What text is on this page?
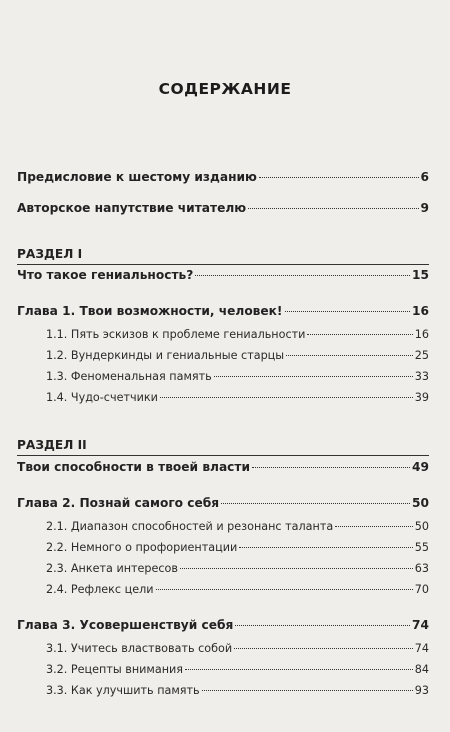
СОДЕРЖАНИЕ
Предисловие к шестому изданию	6
Авторское напутствие читателю	9
РАЗДЕЛ I
Что такое гениальность?	15
Глава 1. Твои возможности, человек!	16
1.1. Пять эскизов к проблеме гениальности	16
1.2. Вундеркинды и гениальные старцы	25
1.3. Феноменальная память	33
1.4. Чудо-счетчики	39
РАЗДЕЛ II
Твои способности в твоей власти	49
Глава 2. Познай самого себя	50
2.1. Диапазон способностей и резонанс таланта	50
2.2. Немного о профориентации	55
2.3. Анкета интересов	63
2.4. Рефлекс цели	70
Глава 3. Усовершенствуй себя	74
3.1. Учитесь властвовать собой	74
3.2. Рецепты внимания	84
3.3. Как улучшить память	93
